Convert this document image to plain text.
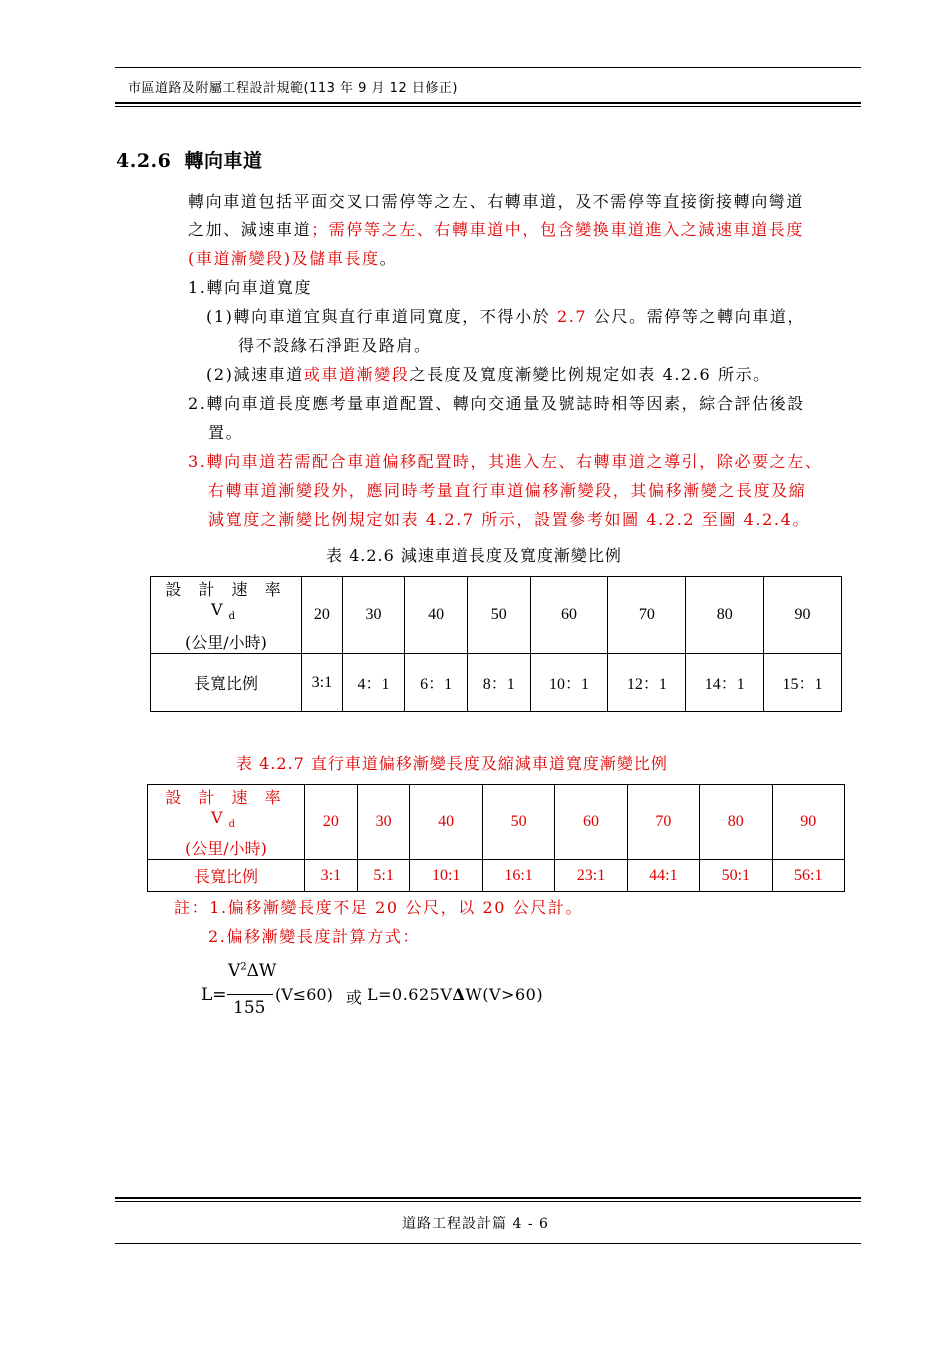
市區道路及附屬工程設計規範(113 年 9 月 12 日修正)
4.2.6 轉向車道
轉向車道包括平面交叉口需停等之左、右轉車道，及不需停等直接銜接轉向彎道
之加、減速車道；需停等之左、右轉車道中，包含變換車道進入之減速車道長度
(車道漸變段)及儲車長度。
1.轉向車道寬度
(1)轉向車道宜與直行車道同寬度，不得小於 2.7 公尺。需停等之轉向車道，
得不設緣石淨距及路肩。
(2)減速車道或車道漸變段之長度及寬度漸變比例規定如表 4.2.6 所示。
2.轉向車道長度應考量車道配置、轉向交通量及號誌時相等因素，綜合評估後設
置。
3.轉向車道若需配合車道偏移配置時，其進入左、右轉車道之導引，除必要之左、
右轉車道漸變段外，應同時考量直行車道偏移漸變段，其偏移漸變之長度及縮
減寬度之漸變比例規定如表 4.2.7 所示，設置參考如圖 4.2.2 至圖 4.2.4。
表 4.2.6 減速車道長度及寬度漸變比例
設 計 速 率 $V_d$
(公里/小時)	20	30	40	50	60	70	80	90
長寬比例	3:1	4：1	6：1	8：1	10：1	12：1	14：1	15：1
表 4.2.7 直行車道偏移漸變長度及縮減車道寬度漸變比例
設 計 速 率 $V_d$
(公里/小時)	20	30	40	50	60	70	80	90
長寬比例	3:1	5:1	10:1	16:1	23:1	44:1	50:1	56:1
註：1.偏移漸變長度不足 20 公尺，以 20 公尺計。
2.偏移漸變長度計算方式：
L=
$V^2\Delta W$
155
(V≤60) 或 L=0.625VΔW(V>60)
道路工程設計篇 4 - 6
